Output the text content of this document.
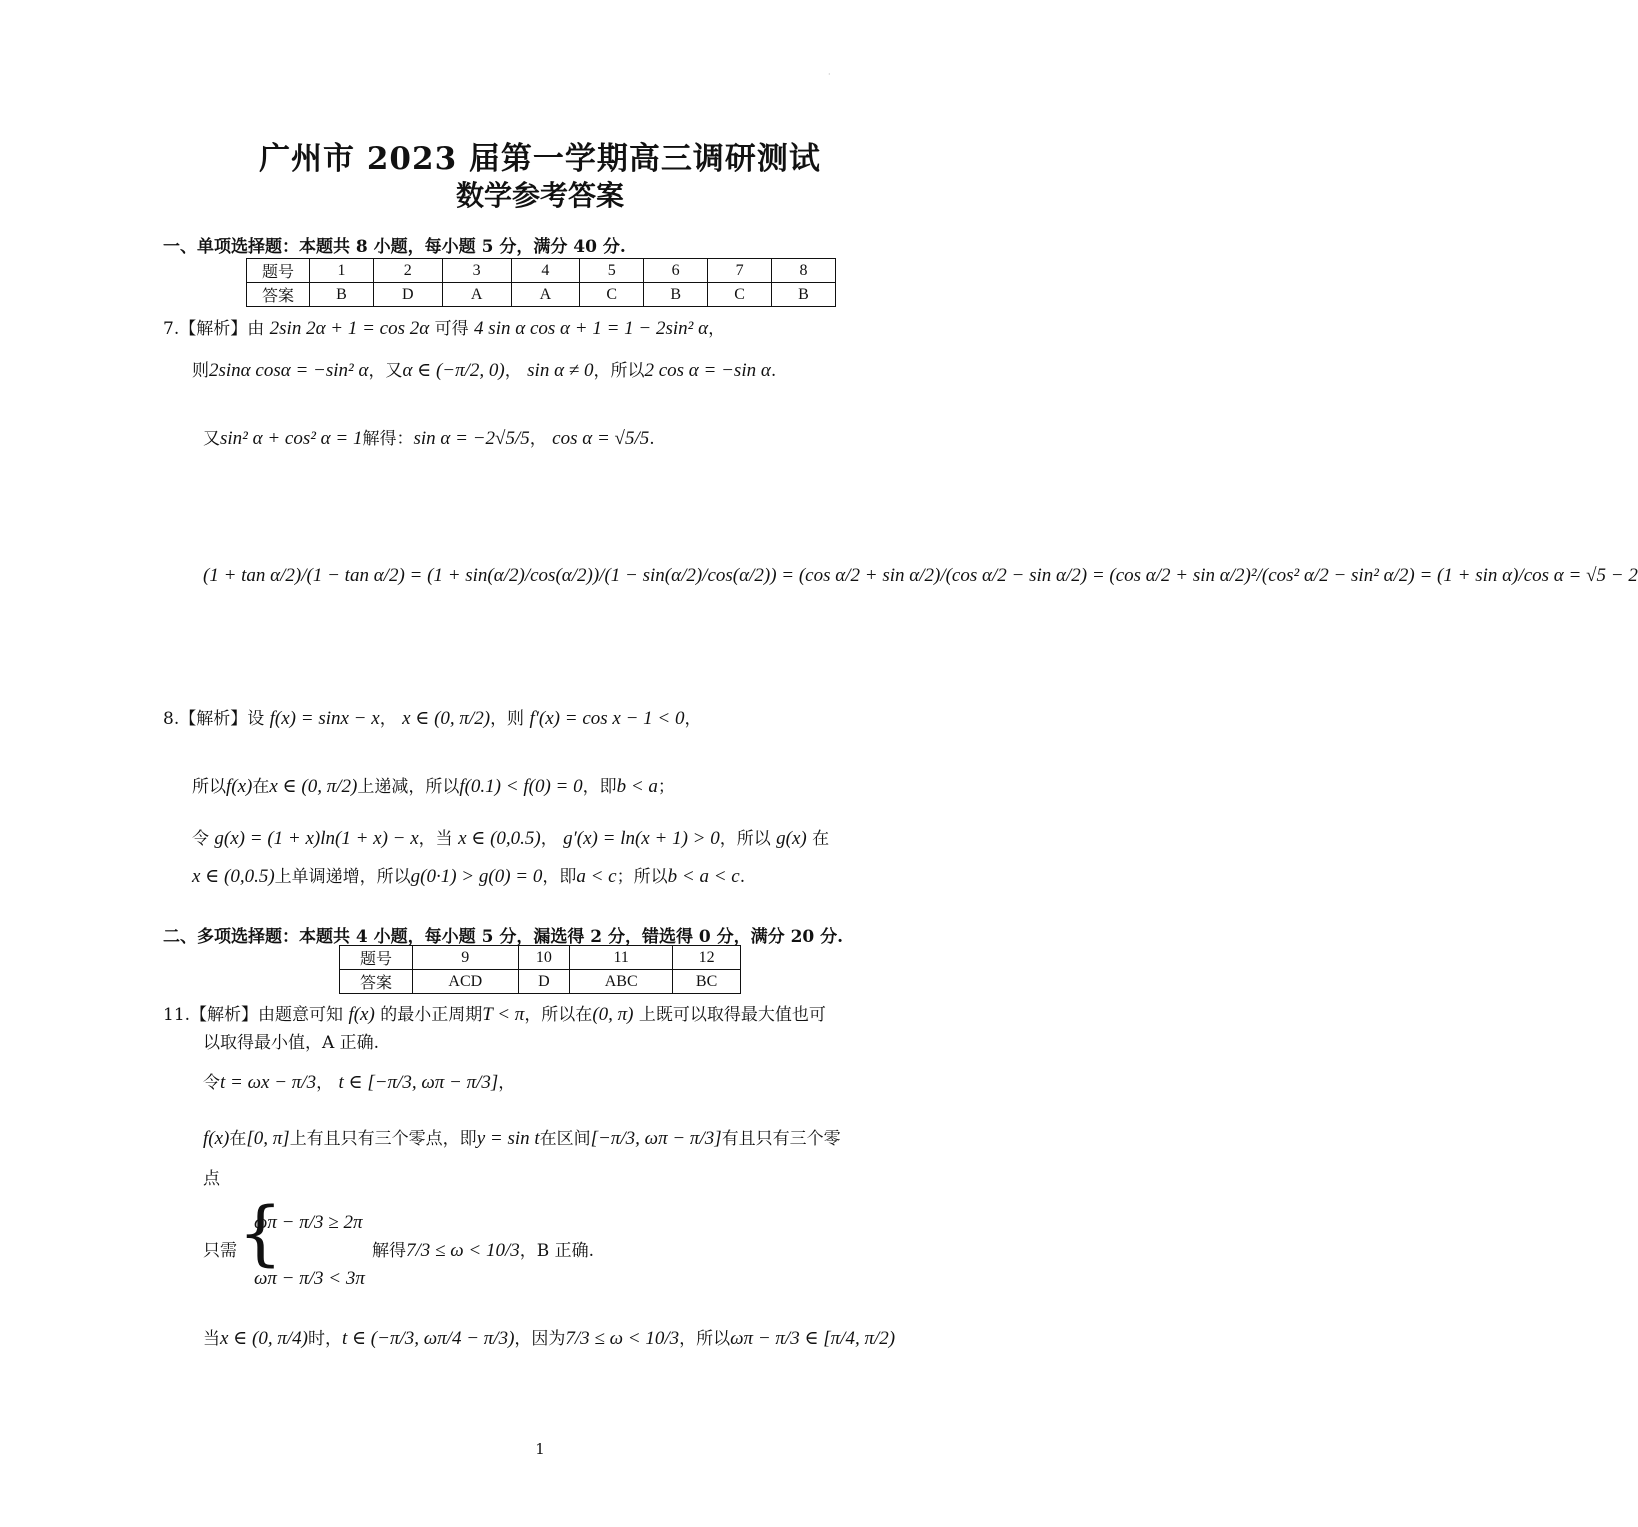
·
广州市 2023 届第一学期高三调研测试
数学参考答案
一、单项选择题：本题共 8 小题，每小题 5 分，满分 40 分.
题号	1	2	3	4	5	6	7	8
答案	B	D	A	A	C	B	C	B
7.【解析】由 2sin 2α + 1 = cos 2α 可得 4 sin α cos α + 1 = 1 − 2sin² α，
则2sinα cosα = −sin² α，又α ∈ (−π/2, 0)， sin α ≠ 0，所以2 cos α = −sin α.
又sin² α + cos² α = 1解得：sin α = −2√5/5， cos α = √5/5.
(1 + tan α/2)/(1 − tan α/2) = (1 + sin(α/2)/cos(α/2))/(1 − sin(α/2)/cos(α/2)) = (cos α/2 + sin α/2)/(cos α/2 − sin α/2) = (cos α/2 + sin α/2)²/(cos² α/2 − sin² α/2) = (1 + sin α)/cos α = √5 − 2
8.【解析】设 f(x) = sinx − x， x ∈ (0, π/2)，则 f′(x) = cos x − 1 < 0，
所以f(x)在x ∈ (0, π/2)上递减，所以f(0.1) < f(0) = 0，即b < a；
令 g(x) = (1 + x)ln(1 + x) − x，当 x ∈ (0,0.5)， g′(x) = ln(x + 1) > 0，所以 g(x) 在
x ∈ (0,0.5)上单调递增，所以g(0·1) > g(0) = 0，即a < c；所以b < a < c.
二、多项选择题：本题共 4 小题，每小题 5 分，漏选得 2 分，错选得 0 分，满分 20 分.
题号	9	10	11	12
答案	ACD	D	ABC	BC
11.【解析】由题意可知 f(x) 的最小正周期T < π，所以在(0, π) 上既可以取得最大值也可
以取得最小值，A 正确.
令t = ωx − π/3， t ∈ [−π/3, ωπ − π/3]，
f(x)在[0, π]上有且只有三个零点，即y = sin t在区间[−π/3, ωπ − π/3]有且只有三个零
点
只需 {
ωπ − π/3 ≥ 2π
ωπ − π/3 < 3π
解得7/3 ≤ ω < 10/3，B 正确.
当x ∈ (0, π/4)时，t ∈ (−π/3, ωπ/4 − π/3)，因为7/3 ≤ ω < 10/3，所以ωπ − π/3 ∈ [π/4, π/2)
1
